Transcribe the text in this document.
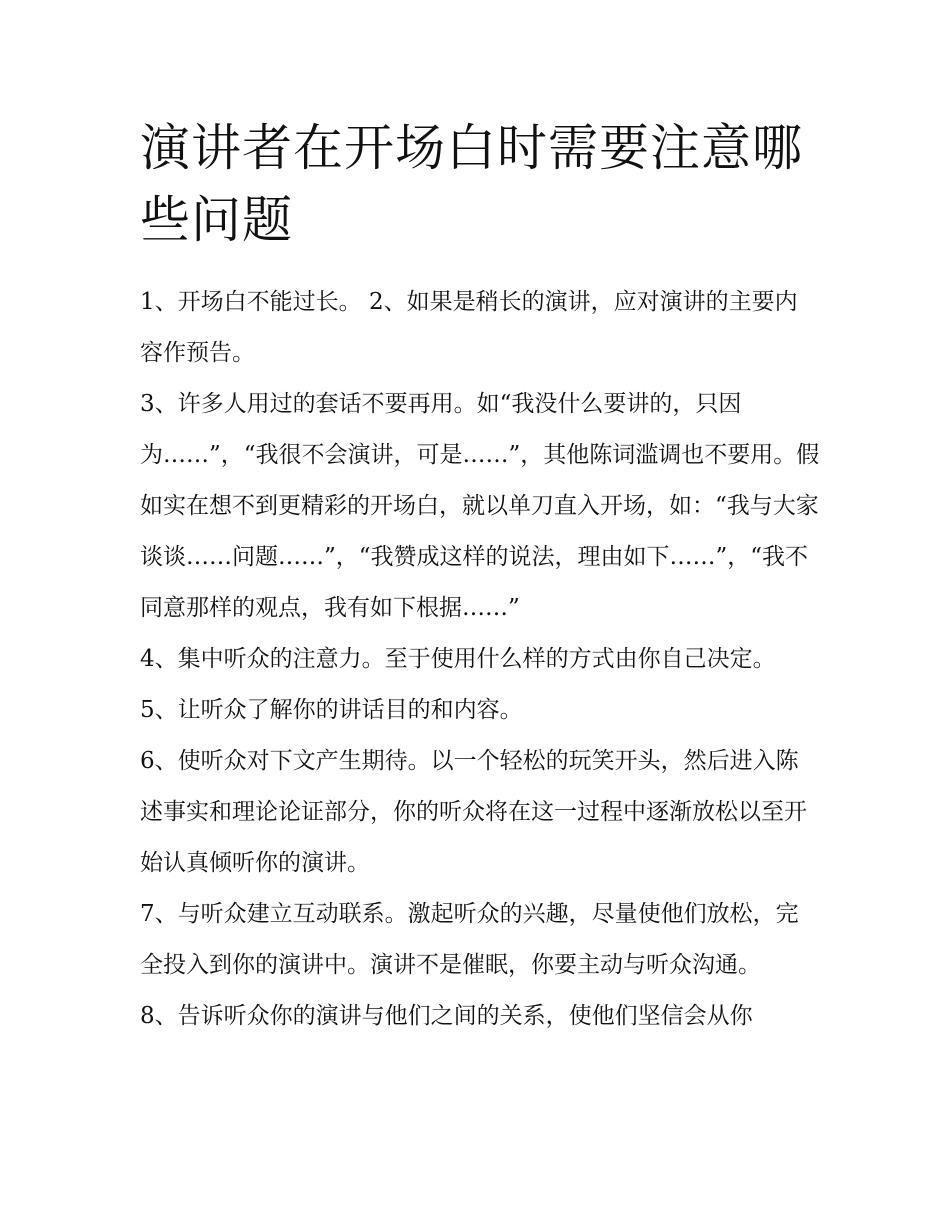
演讲者在开场白时需要注意哪些问题

1、开场白不能过长。 2、如果是稍长的演讲，应对演讲的主要内容作预告。

3、许多人用过的套话不要再用。如“我没什么要讲的，只因为……”，“我很不会演讲，可是……”，其他陈词滥调也不要用。假如实在想不到更精彩的开场白，就以单刀直入开场，如：“我与大家谈谈……问题……”，“我赞成这样的说法，理由如下……”，“我不同意那样的观点，我有如下根据……”

4、集中听众的注意力。至于使用什么样的方式由你自己决定。 5、让听众了解你的讲话目的和内容。

6、使听众对下文产生期待。以一个轻松的玩笑开头，然后进入陈述事实和理论论证部分，你的听众将在这一过程中逐渐放松以至开始认真倾听你的演讲。

7、与听众建立互动联系。激起听众的兴趣，尽量使他们放松，完全投入到你的演讲中。演讲不是催眠，你要主动与听众沟通。

8、告诉听众你的演讲与他们之间的关系，使他们坚信会从你
